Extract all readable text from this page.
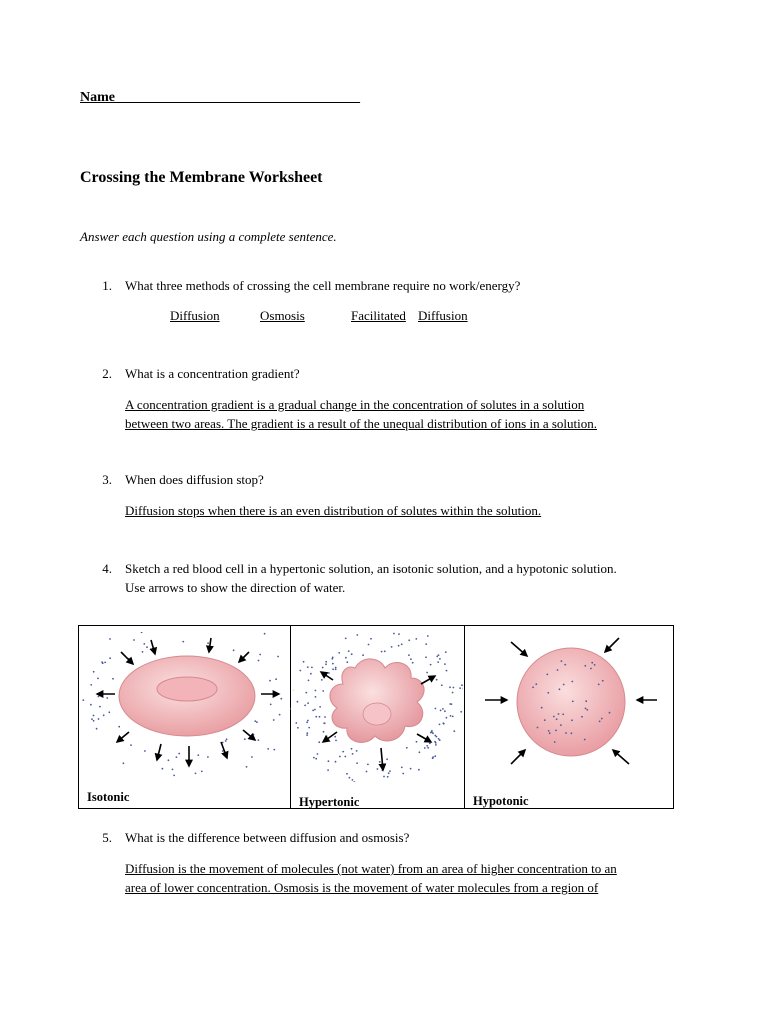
Name ________________ __________________
Crossing the Membrane Worksheet
Answer each question using a complete sentence.
1. What three methods of crossing the cell membrane require no work/energy?
Diffusion	Osmosis	Facilitated Diffusion
2. What is a concentration gradient?
A concentration gradient is a gradual change in the concentration of solutes in a solution
between two areas. The gradient is a result of the unequal distribution of ions in a solution.
3. When does diffusion stop?
Diffusion stops when there is an even distribution of solutes within the solution.
4. Sketch a red blood cell in a hypertonic solution, an isotonic solution, and a hypotonic solution.
Use arrows to show the direction of water.
Isotonic	Hypertonic	Hypotonic
5. What is the difference between diffusion and osmosis?
Diffusion is the movement of molecules (not water) from an area of higher concentration to an
area of lower concentration. Osmosis is the movement of water molecules from a region of
